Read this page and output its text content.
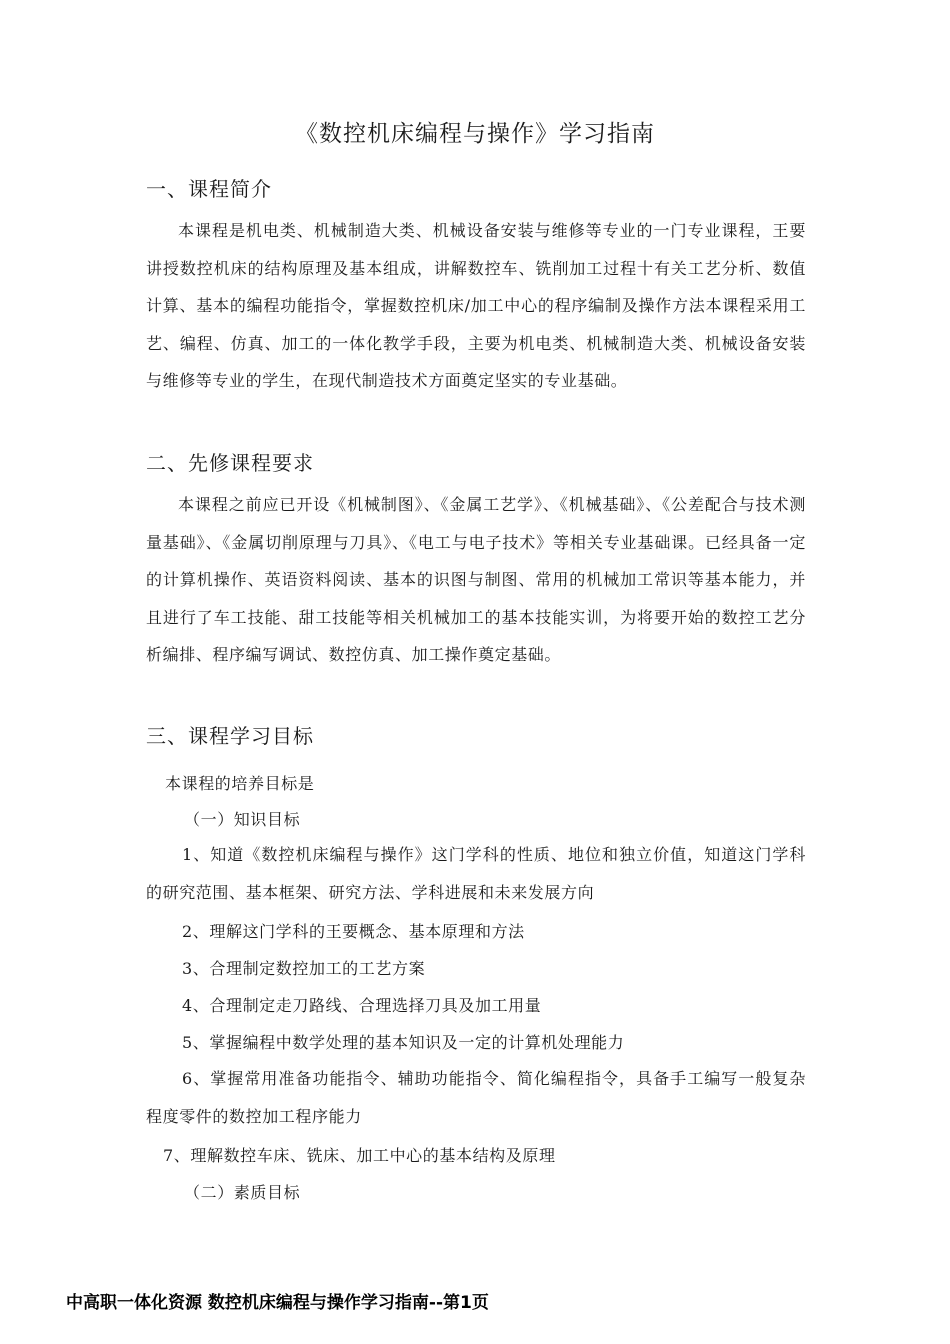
《数控机床编程与操作》学习指南
一、课程简介

本课程是机电类、机械制造大类、机械设备安装与维修等专业的一门专业课程，王要讲授数控机床的结构原理及基本组成，讲解数控车、铣削加工过程十有关工艺分析、数值计算、基本的编程功能指令，掌握数控机床/加工中心的程序编制及操作方法本课程采用工艺、编程、仿真、加工的一体化教学手段，主要为机电类、机械制造大类、机械设备安装与维修等专业的学生，在现代制造技术方面奠定坚实的专业基础。

二、先修课程要求

本课程之前应已开设《机械制图》、《金属工艺学》、《机械基础》、《公差配合与技术测量基础》、《金属切削原理与刀具》、《电工与电子技术》等相关专业基础课。已经具备一定的计算机操作、英语资料阅读、基本的识图与制图、常用的机械加工常识等基本能力，并且进行了车工技能、甜工技能等相关机械加工的基本技能实训，为将要开始的数控工艺分析编排、程序编写调试、数控仿真、加工操作奠定基础。

三、课程学习目标

本课程的培养目标是

（一）知识目标

1、知道《数控机床编程与操作》这门学科的性质、地位和独立价值，知道这门学科的研究范围、基本框架、研究方法、学科进展和未来发展方向

2、理解这门学科的王要概念、基本原理和方法

3、合理制定数控加工的工艺方案

4、合理制定走刀路线、合理选择刀具及加工用量

5、掌握编程中数学处理的基本知识及一定的计算机处理能力

6、掌握常用准备功能指令、辅助功能指令、简化编程指令，具备手工编写一般复杂程度零件的数控加工程序能力

7、理解数控车床、铣床、加工中心的基本结构及原理

（二）素质目标

中高职一体化资源 数控机床编程与操作学习指南--第1页
